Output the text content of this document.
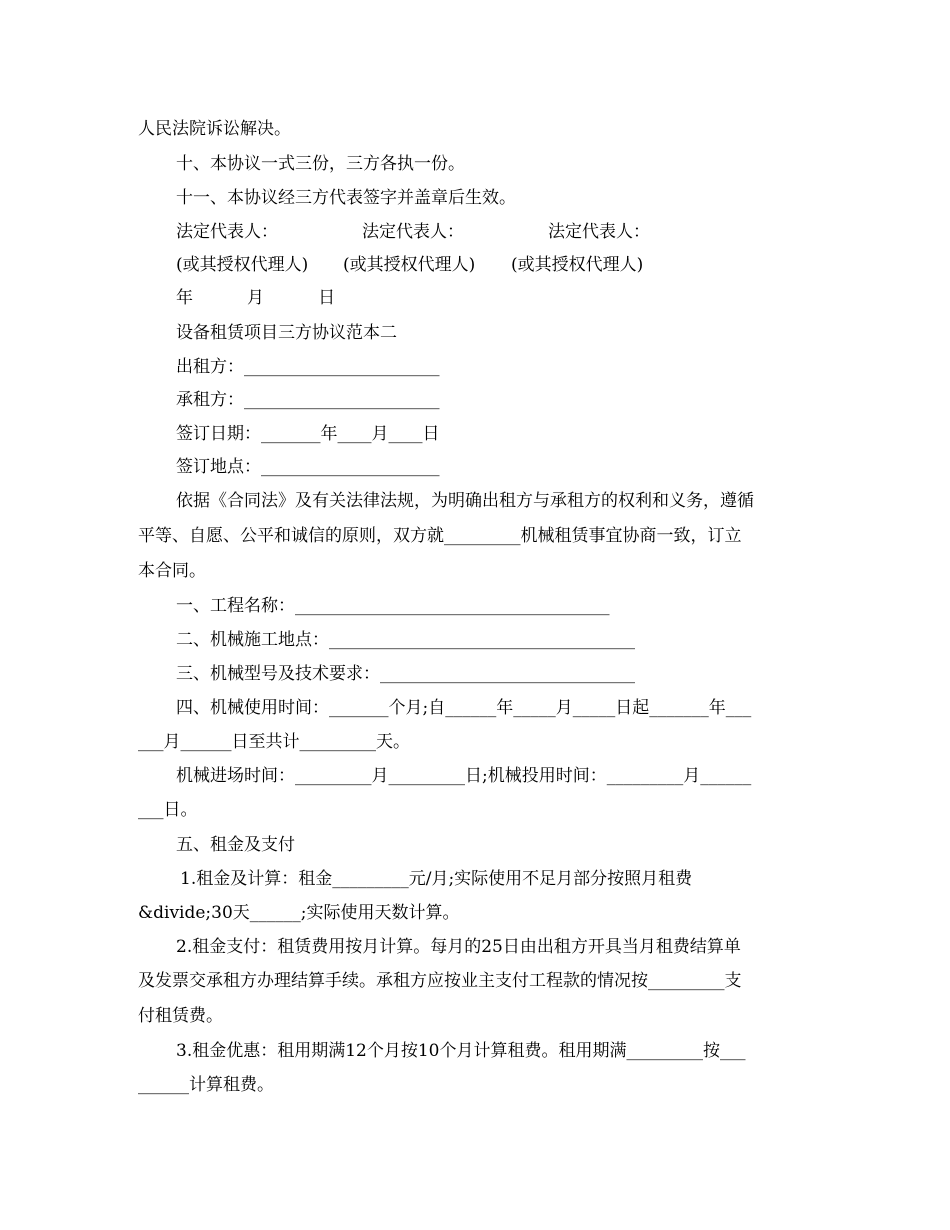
人民法院诉讼解决。
十、本协议一式三份，三方各执一份。
十一、本协议经三方代表签字并盖章后生效。
法定代表人：	法定代表人：	法定代表人：
(或其授权代理人) (或其授权代理人) (或其授权代理人)
年          月          日
设备租赁项目三方协议范本二
出租方：_______________________
承租方：_______________________
签订日期：_______年____月____日
签订地点：_____________________
依据《合同法》及有关法律法规，为明确出租方与承租方的权利和义务，遵循
平等、自愿、公平和诚信的原则，双方就_________机械租赁事宜协商一致，订立
本合同。
一、工程名称：_____________________________________
二、机械施工地点：____________________________________
三、机械型号及技术要求：______________________________
四、机械使用时间：_______个月;自______年_____月_____日起_______年___
___月______日至共计_________天。
机械进场时间：_________月_________日;机械投用时间：_________月______
___日。
五、租金及支付
1.租金及计算：租金_________元/月;实际使用不足月部分按照月租费
&divide;30天______;实际使用天数计算。
2.租金支付：租赁费用按月计算。每月的25日由出租方开具当月租费结算单
及发票交承租方办理结算手续。承租方应按业主支付工程款的情况按_________支
付租赁费。
3.租金优惠：租用期满12个月按10个月计算租费。租用期满_________按___
______计算租费。
